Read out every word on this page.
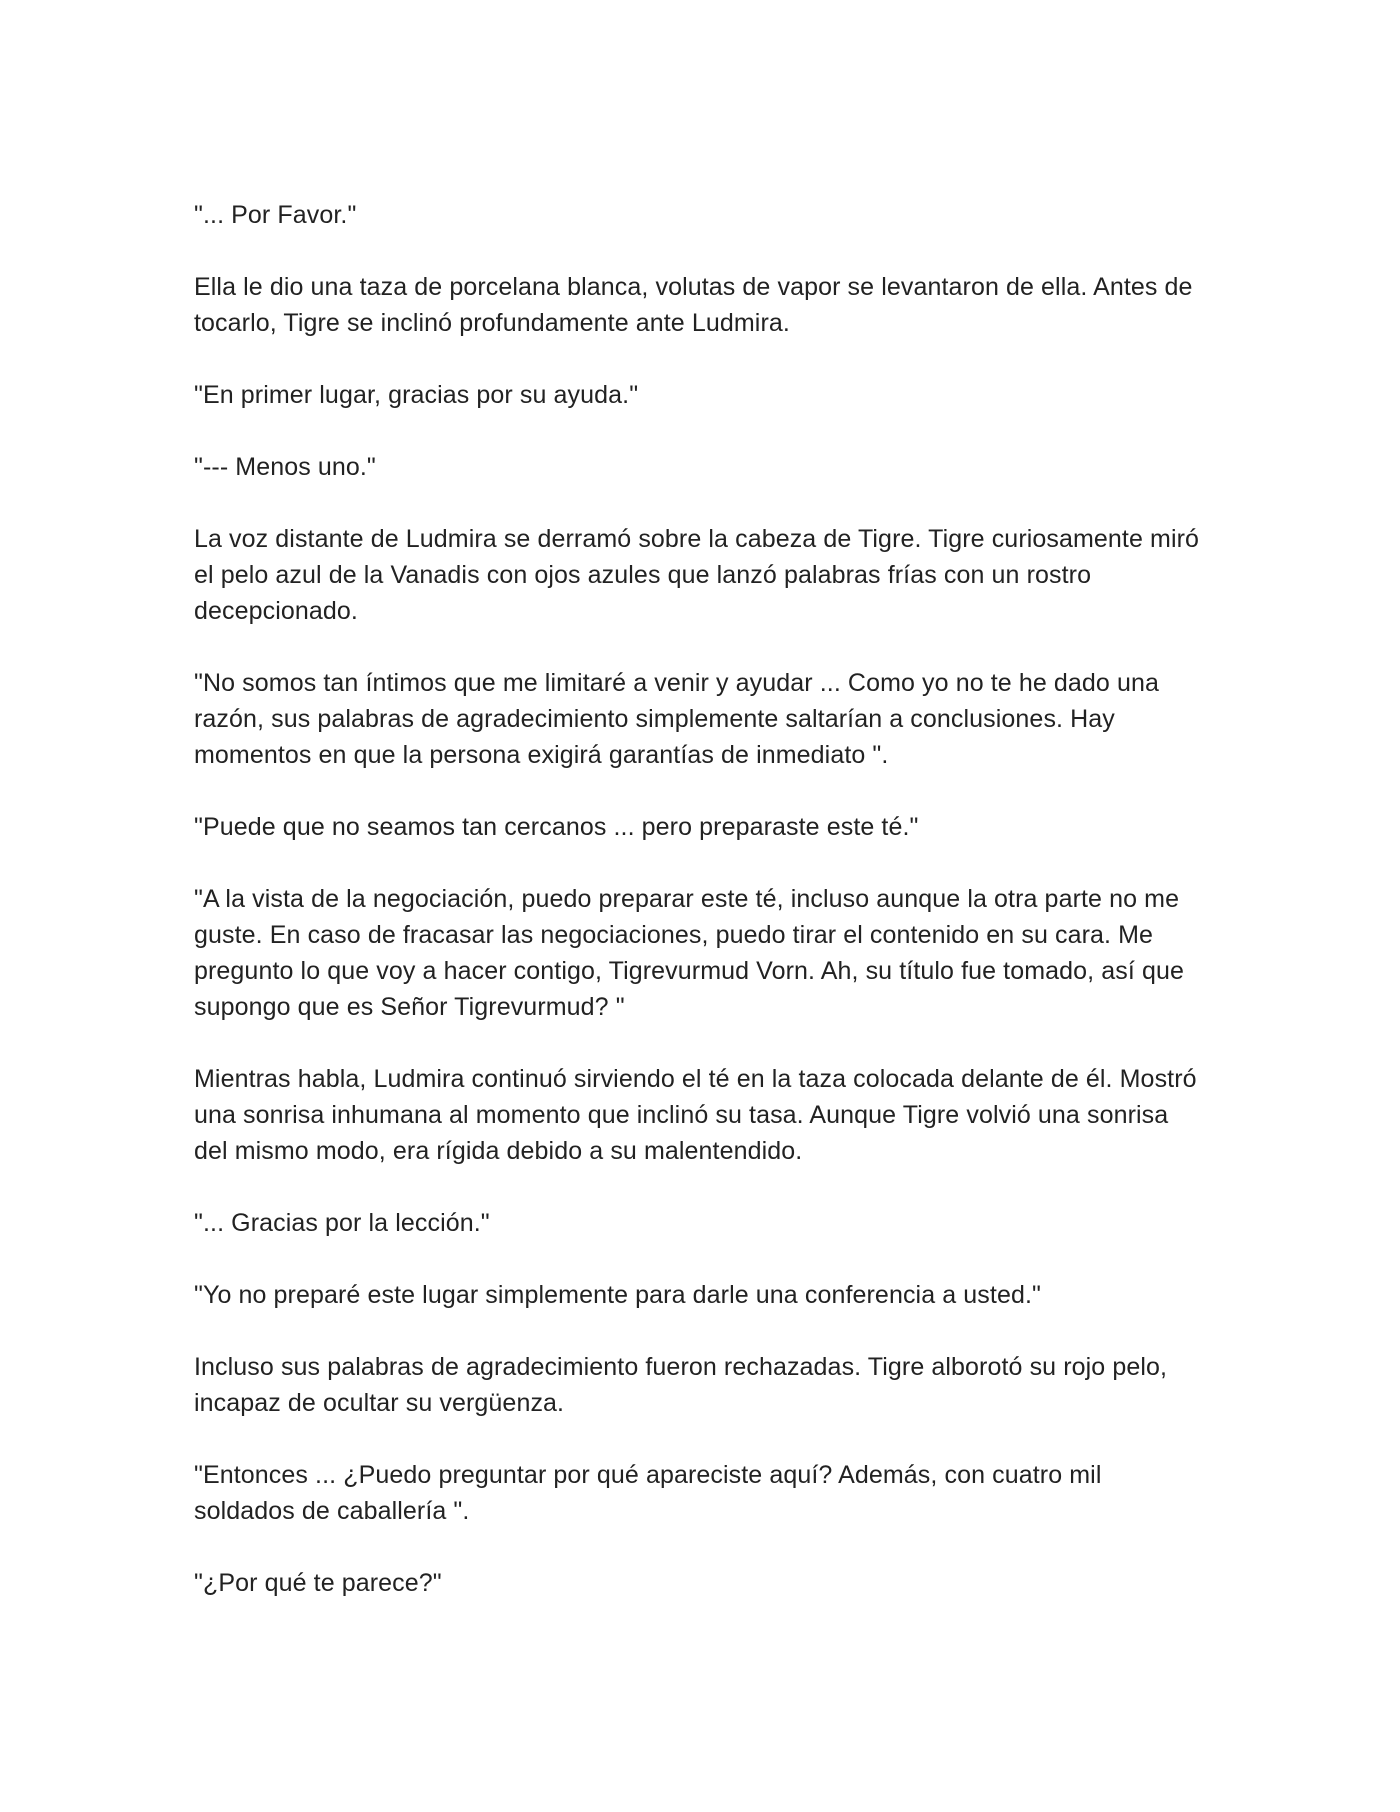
"... Por Favor."

Ella le dio una taza de porcelana blanca, volutas de vapor se levantaron de ella. Antes de tocarlo, Tigre se inclinó profundamente ante Ludmira.

"En primer lugar, gracias por su ayuda."

"--- Menos uno."

La voz distante de Ludmira se derramó sobre la cabeza de Tigre. Tigre curiosamente miró el pelo azul de la Vanadis con ojos azules que lanzó palabras frías con un rostro decepcionado.

"No somos tan íntimos que me limitaré a venir y ayudar ... Como yo no te he dado una razón, sus palabras de agradecimiento simplemente saltarían a conclusiones. Hay momentos en que la persona exigirá garantías de inmediato ".

"Puede que no seamos tan cercanos ... pero preparaste este té."

"A la vista de la negociación, puedo preparar este té, incluso aunque la otra parte no me guste. En caso de fracasar las negociaciones, puedo tirar el contenido en su cara. Me pregunto lo que voy a hacer contigo, Tigrevurmud Vorn. Ah, su título fue tomado, así que supongo que es Señor Tigrevurmud? "

Mientras habla, Ludmira continuó sirviendo el té en la taza colocada delante de él. Mostró una sonrisa inhumana al momento que inclinó su tasa. Aunque Tigre volvió una sonrisa del mismo modo, era rígida debido a su malentendido.

"... Gracias por la lección."

"Yo no preparé este lugar simplemente para darle una conferencia a usted."

Incluso sus palabras de agradecimiento fueron rechazadas. Tigre alborotó su rojo pelo, incapaz de ocultar su vergüenza.

"Entonces ... ¿Puedo preguntar por qué apareciste aquí? Además, con cuatro mil soldados de caballería ".

"¿Por qué te parece?"
